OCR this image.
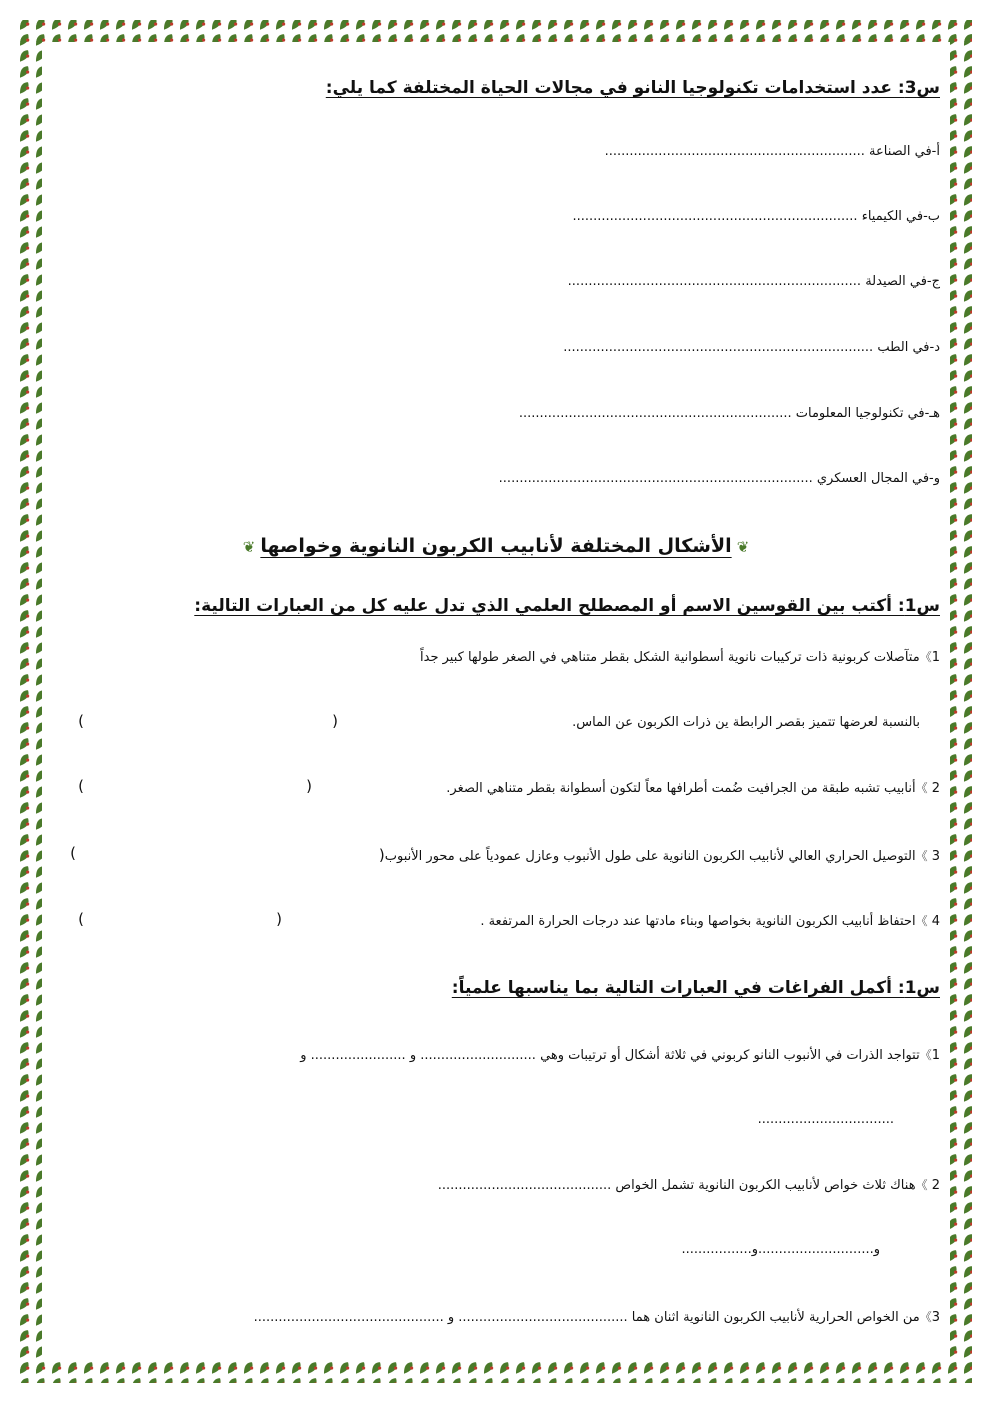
س3: عدد استخدامات تكنولوجيا النانو في مجالات الحياة المختلفة كما يلي:
أ-في الصناعة ...............................................................
ب-في الكيمياء .....................................................................
ج-في الصيدلة .......................................................................
د-في الطب ...........................................................................
هـ-في تكنولوجيا المعلومات ..................................................................
و-في المجال العسكري ............................................................................
❦ الأشكال المختلفة لأنابيب الكربون النانوية وخواصها ❦
س1: أكتب بين القوسين الاسم أو المصطلح العلمي الذي تدل عليه كل من العبارات التالية:
1》متآصلات كربونية ذات تركيبات نانوية أسطوانية الشكل بقطر متناهي في الصغر طولها كبير جداً
بالنسبة لعرضها تتميز بقصر الرابطة ين ذرات الكربون عن الماس.
(
)
2 》أنابيب تشبه طبقة من الجرافيت ضُمت أطرافها معاً لتكون أسطوانة بقطر متناهي الصغر.
(
)
3 》التوصيل الحراري العالي لأنابيب الكربون النانوية على طول الأنبوب وعازل عمودياً على محور الأنبوب(
)
4 》احتفاظ أنابيب الكربون النانوية بخواصها وبناء مادتها عند درجات الحرارة المرتفعة .
(
)
س1: أكمل الفراغات في العبارات التالية بما يناسبها علمياً:
1》تتواجد الذرات في الأنبوب النانو كربوني في ثلاثة أشكال أو ترتيبات وهي ............................ و ....................... و
.................................
2 》هناك ثلاث خواص لأنابيب الكربون النانوية تشمل الخواص ..........................................
و............................و.................
3》من الخواص الحرارية لأنابيب الكربون النانوية اثنان هما ......................................... و ..............................................
